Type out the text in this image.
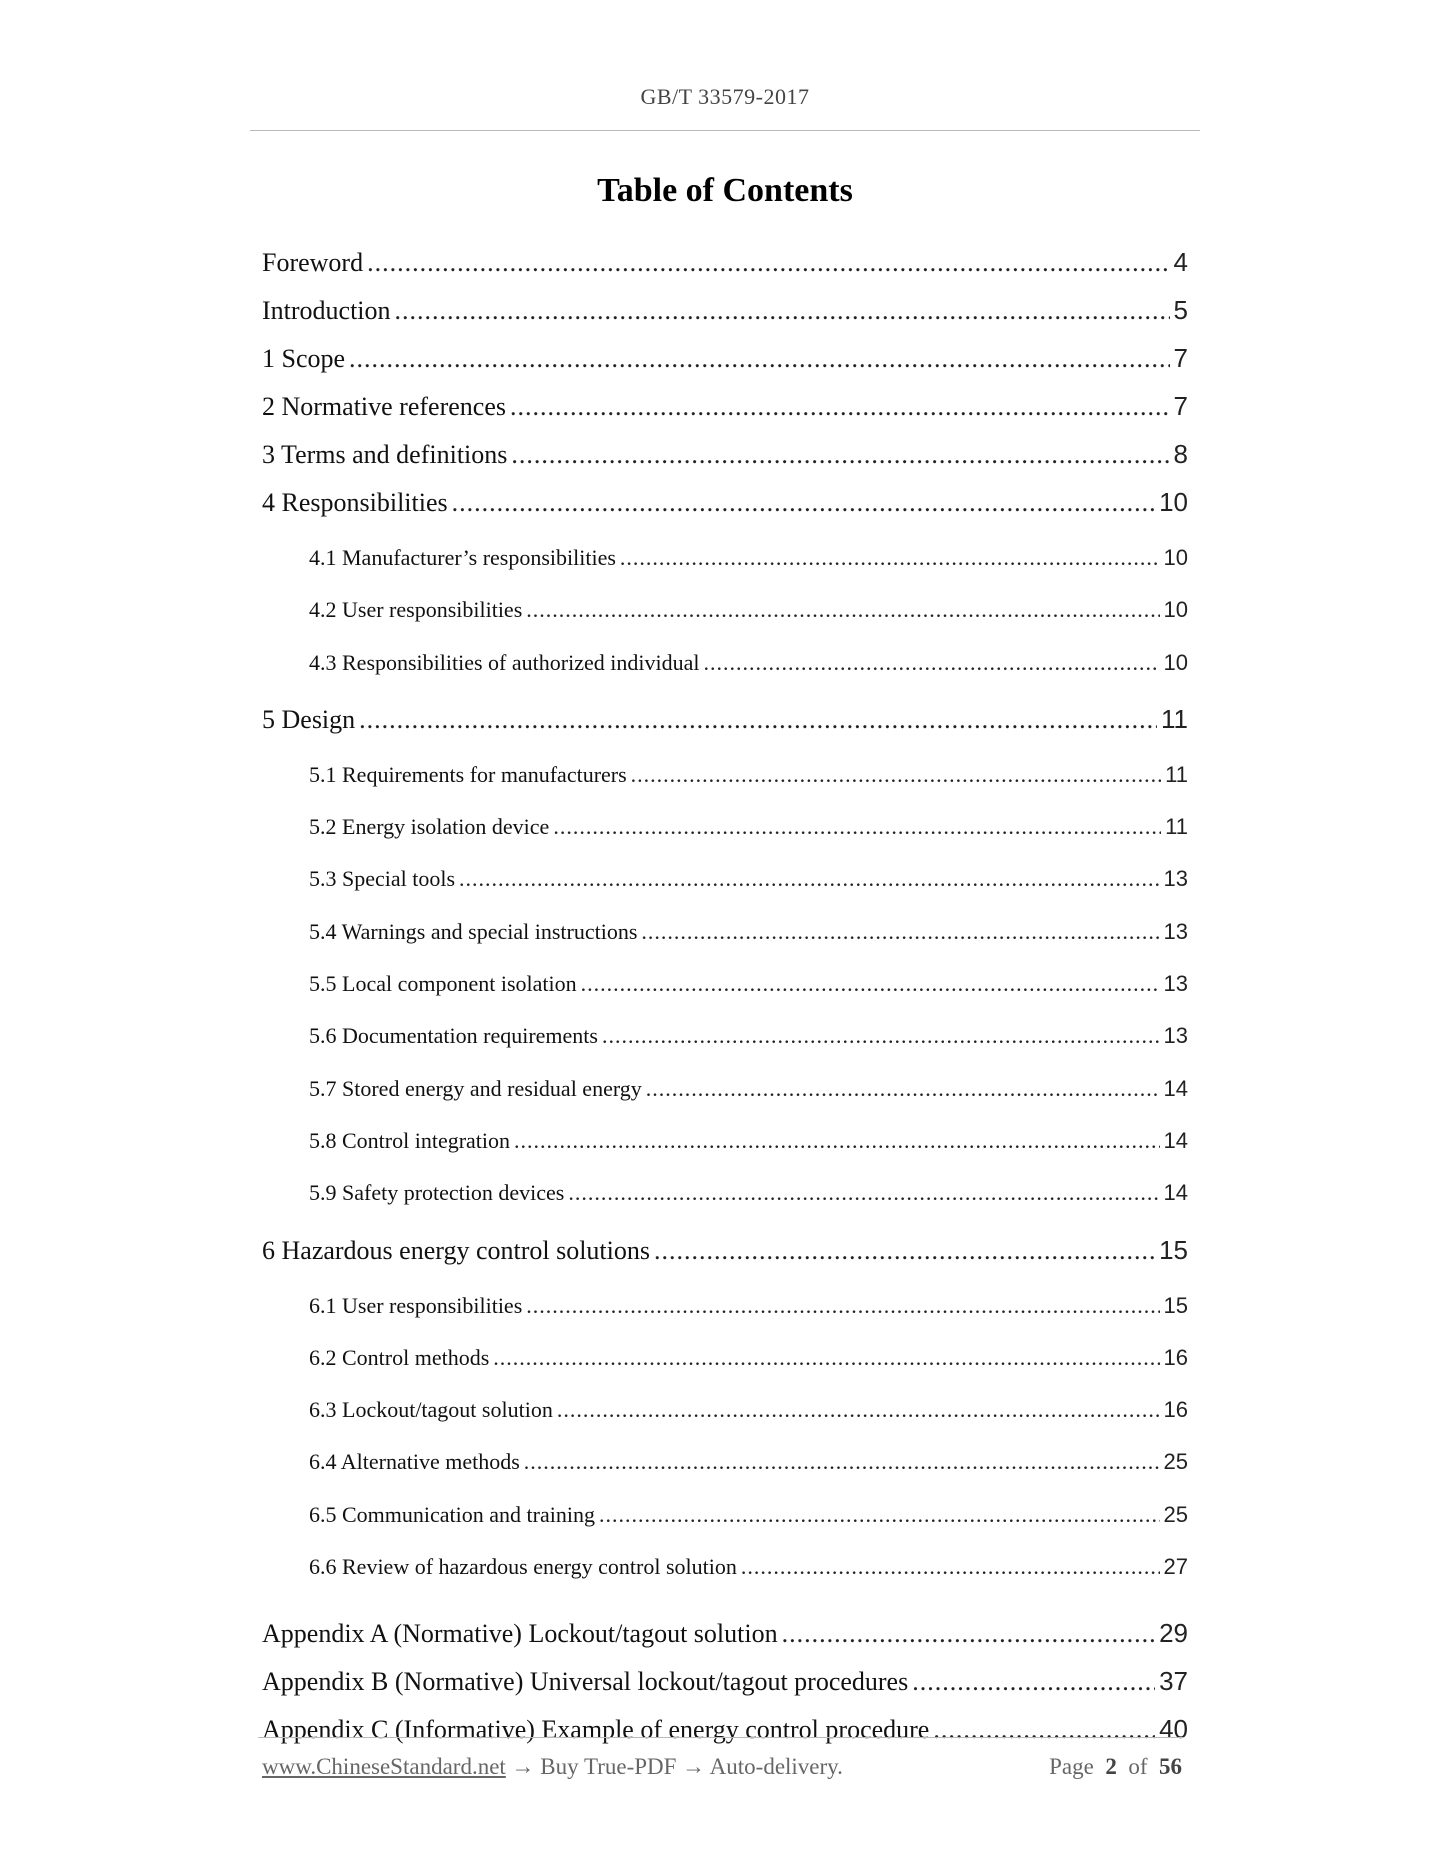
GB/T 33579-2017
Table of Contents
Foreword .....	4
Introduction .....	5
1 Scope .....	7
2 Normative references .....	7
3 Terms and definitions .....	8
4 Responsibilities .....	10
4.1 Manufacturer’s responsibilities .....	10
4.2 User responsibilities .....	10
4.3 Responsibilities of authorized individual .....	10
5 Design .....	11
5.1 Requirements for manufacturers .....	11
5.2 Energy isolation device .....	11
5.3 Special tools .....	13
5.4 Warnings and special instructions .....	13
5.5 Local component isolation .....	13
5.6 Documentation requirements .....	13
5.7 Stored energy and residual energy .....	14
5.8 Control integration .....	14
5.9 Safety protection devices .....	14
6 Hazardous energy control solutions .....	15
6.1 User responsibilities .....	15
6.2 Control methods .....	16
6.3 Lockout/tagout solution .....	16
6.4 Alternative methods .....	25
6.5 Communication and training .....	25
6.6 Review of hazardous energy control solution .....	27
Appendix A (Normative) Lockout/tagout solution .....	29
Appendix B (Normative) Universal lockout/tagout procedures .....	37
Appendix C (Informative) Example of energy control procedure .....	40
www.ChineseStandard.net → Buy True-PDF → Auto-delivery.	Page 2 of 56
